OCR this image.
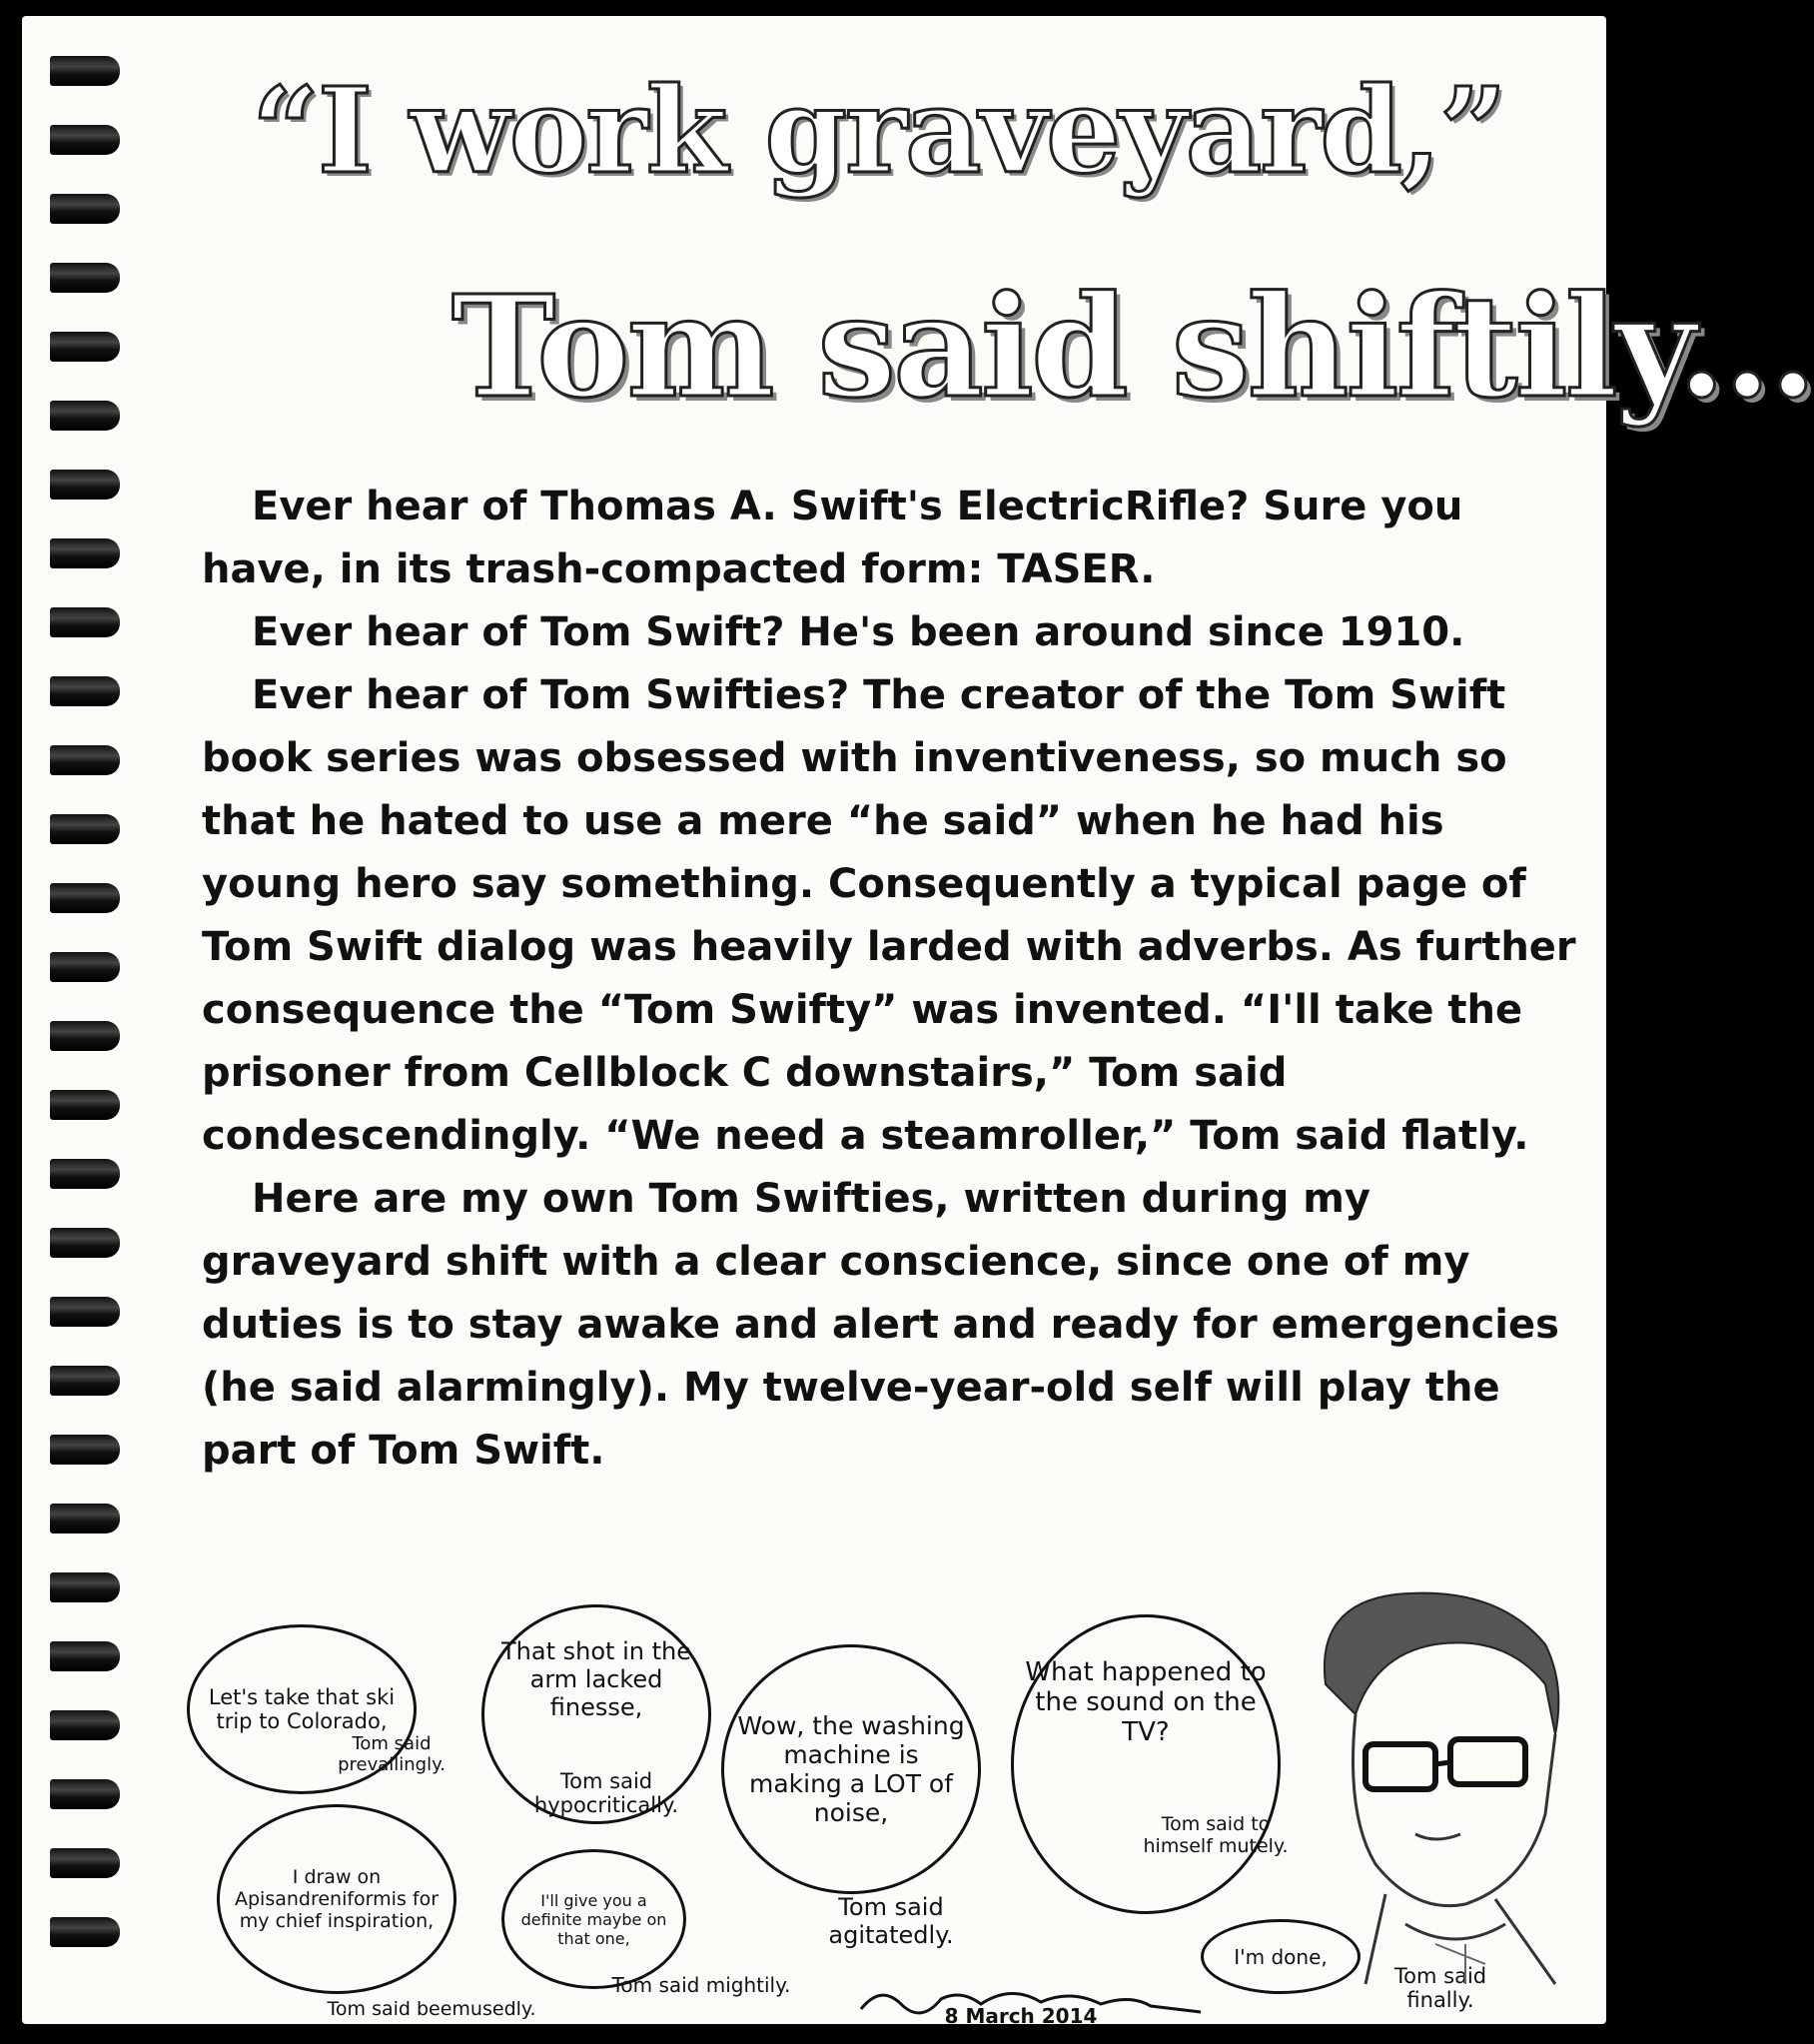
“I work graveyard,”
Tom said shiftily...

Ever hear of Thomas A. Swift's ElectricRifle? Sure you have, in its trash-compacted form: TASER.

Ever hear of Tom Swift? He's been around since 1910.

Ever hear of Tom Swifties? The creator of the Tom Swift book series was obsessed with inventiveness, so much so that he hated to use a mere “he said” when he had his young hero say something. Consequently a typical page of Tom Swift dialog was heavily larded with adverbs. As further consequence the “Tom Swifty” was invented. “I'll take the prisoner from Cellblock C downstairs,” Tom said condescendingly. “We need a steamroller,” Tom said flatly.

Here are my own Tom Swifties, written during my graveyard shift with a clear conscience, since one of my duties is to stay awake and alert and ready for emergencies (he said alarmingly). My twelve-year-old self will play the part of Tom Swift.

Let's take that ski trip to Colorado,
Tom said prevailingly.
I draw on Apisandreniformis for my chief inspiration,
Tom said beemusedly.
That shot in the arm lacked finesse,
Tom said hypocritically.
I'll give you a definite maybe on that one,
Tom said mightily.
Wow, the washing machine is making a LOT of noise,
Tom said agitatedly.
What happened to the sound on the TV?
Tom said to himself mutely.
I'm done,
Tom said finally.
8 March 2014
